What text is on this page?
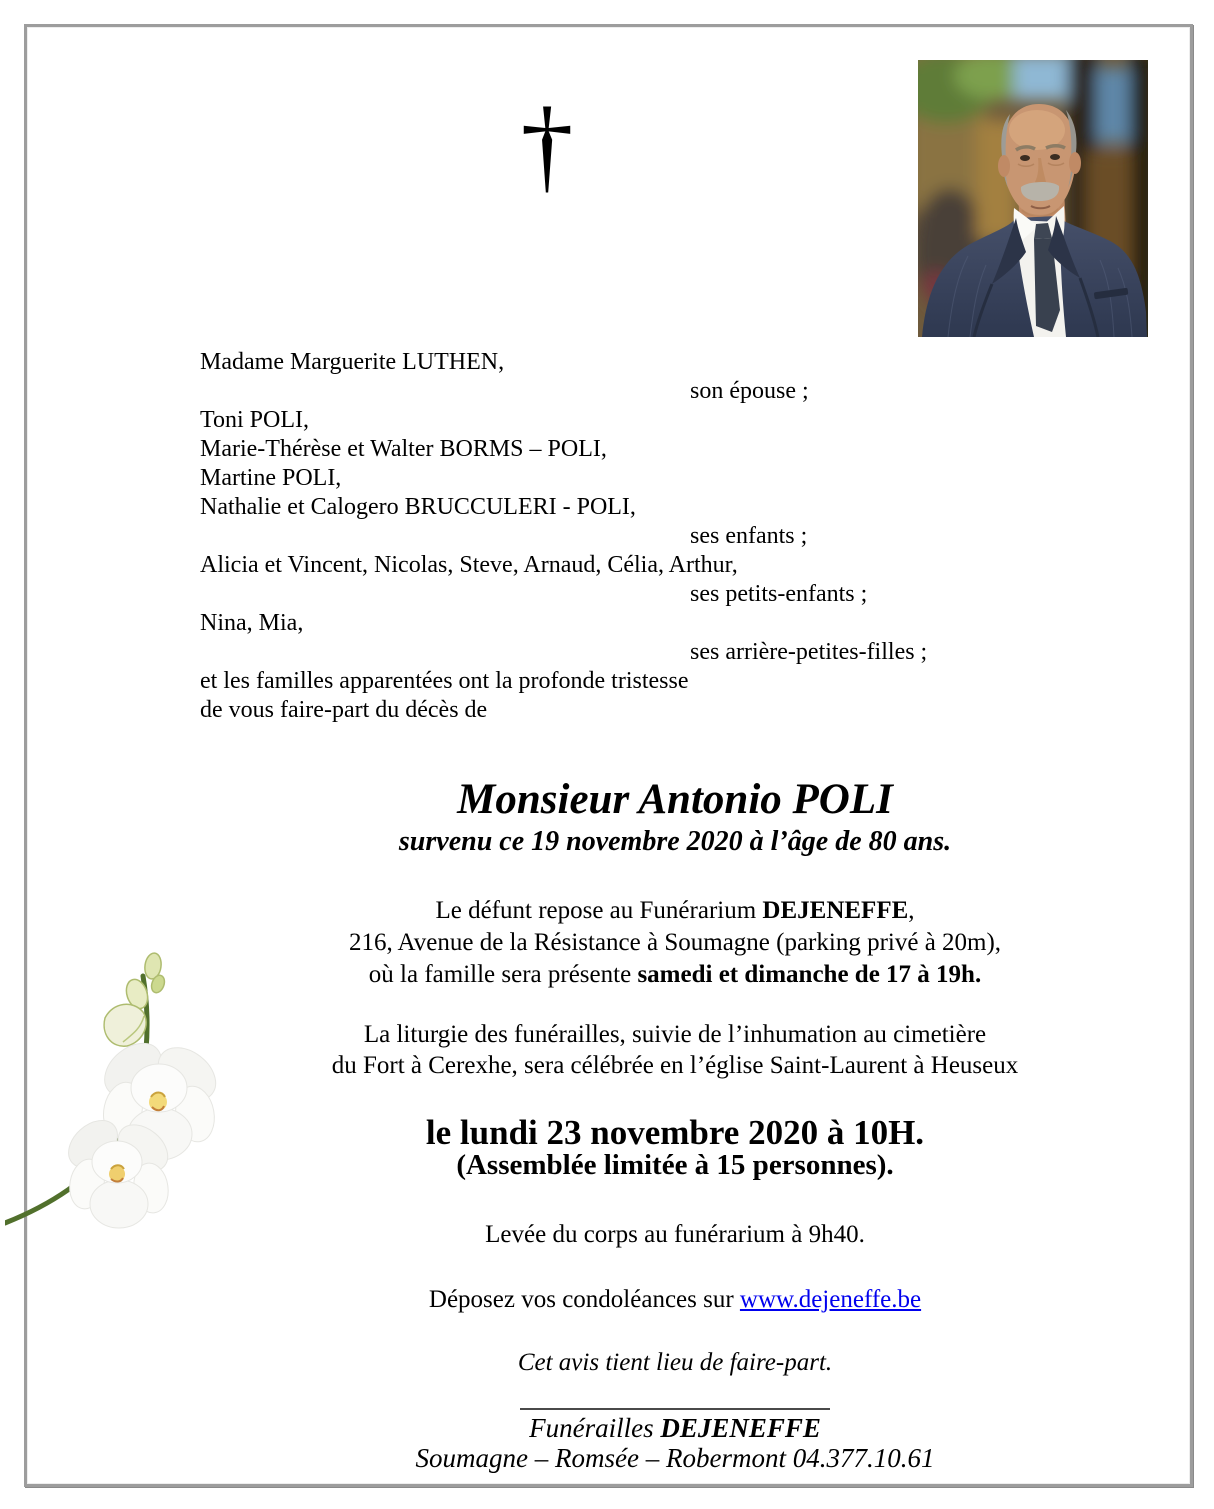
†
Madame Marguerite LUTHEN,
son épouse ;
Toni POLI,
Marie-Thérèse et Walter BORMS – POLI,
Martine POLI,
Nathalie et Calogero BRUCCULERI - POLI,
ses enfants ;
Alicia et Vincent, Nicolas, Steve, Arnaud, Célia, Arthur,
ses petits-enfants ;
Nina, Mia,
ses arrière-petites-filles ;
et les familles apparentées ont la profonde tristesse
de vous faire-part du décès de
Monsieur Antonio POLI
survenu ce 19 novembre 2020 à l’âge de 80 ans.
Le défunt repose au Funérarium DEJENEFFE,
216, Avenue de la Résistance à Soumagne (parking privé à 20m),
où la famille sera présente samedi et dimanche de 17 à 19h.
La liturgie des funérailles, suivie de l’inhumation au cimetière
du Fort à Cerexhe, sera célébrée en l’église Saint-Laurent à Heuseux
le lundi 23 novembre 2020 à 10H.
(Assemblée limitée à 15 personnes).
Levée du corps au funérarium à 9h40.
Déposez vos condoléances sur www.dejeneffe.be
Cet avis tient lieu de faire-part.
Funérailles DEJENEFFE
Soumagne – Romsée – Robermont 04.377.10.61
